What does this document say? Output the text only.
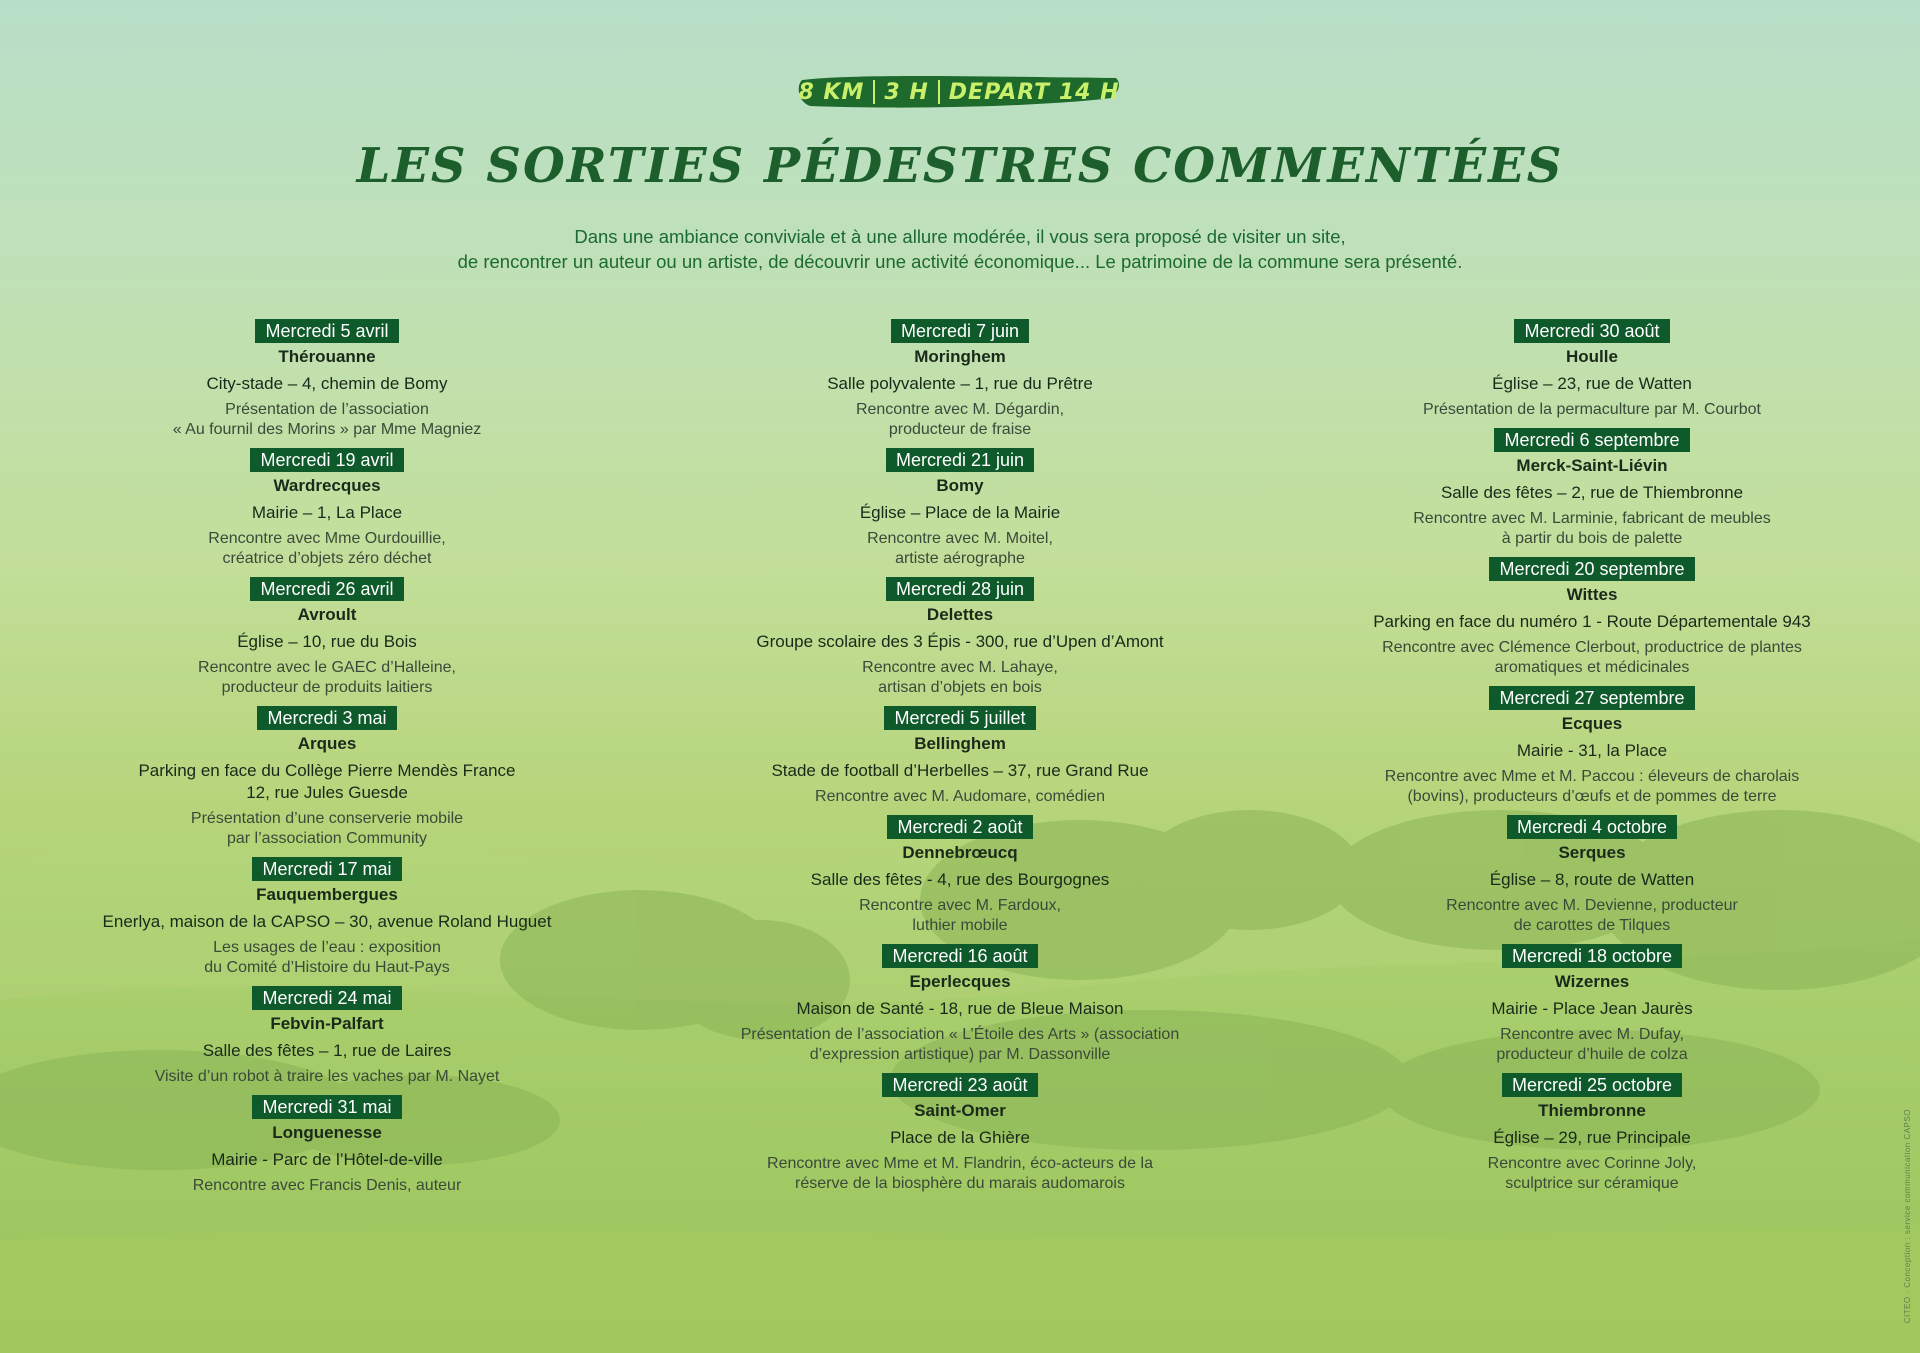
8 KM 3 H DEPART 14 H
LES SORTIES PÉDESTRES COMMENTÉES
Dans une ambiance conviviale et à une allure modérée, il vous sera proposé de visiter un site,
de rencontrer un auteur ou un artiste, de découvrir une activité économique... Le patrimoine de la commune sera présenté.
Mercredi 5 avril
Thérouanne
City-stade – 4, chemin de Bomy
Présentation de l’association
« Au fournil des Morins » par Mme Magniez
Mercredi 19 avril
Wardrecques
Mairie – 1, La Place
Rencontre avec Mme Ourdouillie,
créatrice d’objets zéro déchet
Mercredi 26 avril
Avroult
Église – 10, rue du Bois
Rencontre avec le GAEC d’Halleine,
producteur de produits laitiers
Mercredi 3 mai
Arques
Parking en face du Collège Pierre Mendès France
12, rue Jules Guesde
Présentation d’une conserverie mobile
par l’association Community
Mercredi 17 mai
Fauquembergues
Enerlya, maison de la CAPSO – 30, avenue Roland Huguet
Les usages de l’eau : exposition
du Comité d’Histoire du Haut-Pays
Mercredi 24 mai
Febvin-Palfart
Salle des fêtes – 1, rue de Laires
Visite d’un robot à traire les vaches par M. Nayet
Mercredi 31 mai
Longuenesse
Mairie - Parc de l’Hôtel-de-ville
Rencontre avec Francis Denis, auteur
Mercredi 7 juin
Moringhem
Salle polyvalente – 1, rue du Prêtre
Rencontre avec M. Dégardin,
producteur de fraise
Mercredi 21 juin
Bomy
Église – Place de la Mairie
Rencontre avec M. Moitel,
artiste aérographe
Mercredi 28 juin
Delettes
Groupe scolaire des 3 Épis - 300, rue d’Upen d’Amont
Rencontre avec M. Lahaye,
artisan d’objets en bois
Mercredi 5 juillet
Bellinghem
Stade de football d’Herbelles – 37, rue Grand Rue
Rencontre avec M. Audomare, comédien
Mercredi 2 août
Dennebrœucq
Salle des fêtes - 4, rue des Bourgognes
Rencontre avec M. Fardoux,
luthier mobile
Mercredi 16 août
Eperlecques
Maison de Santé - 18, rue de Bleue Maison
Présentation de l’association « L’Étoile des Arts » (association
d’expression artistique) par M. Dassonville
Mercredi 23 août
Saint-Omer
Place de la Ghière
Rencontre avec Mme et M. Flandrin, éco-acteurs de la
réserve de la biosphère du marais audomarois
Mercredi 30 août
Houlle
Église – 23, rue de Watten
Présentation de la permaculture par M. Courbot
Mercredi 6 septembre
Merck-Saint-Liévin
Salle des fêtes – 2, rue de Thiembronne
Rencontre avec M. Larminie, fabricant de meubles
à partir du bois de palette
Mercredi 20 septembre
Wittes
Parking en face du numéro 1 - Route Départementale 943
Rencontre avec Clémence Clerbout, productrice de plantes
aromatiques et médicinales
Mercredi 27 septembre
Ecques
Mairie - 31, la Place
Rencontre avec Mme et M. Paccou : éleveurs de charolais
(bovins), producteurs d’œufs et de pommes de terre
Mercredi 4 octobre
Serques
Église – 8, route de Watten
Rencontre avec M. Devienne, producteur
de carottes de Tilques
Mercredi 18 octobre
Wizernes
Mairie - Place Jean Jaurès
Rencontre avec M. Dufay,
producteur d’huile de colza
Mercredi 25 octobre
Thiembronne
Église – 29, rue Principale
Rencontre avec Corinne Joly,
sculptrice sur céramique	CITEO · Conception : service communication CAPSO
